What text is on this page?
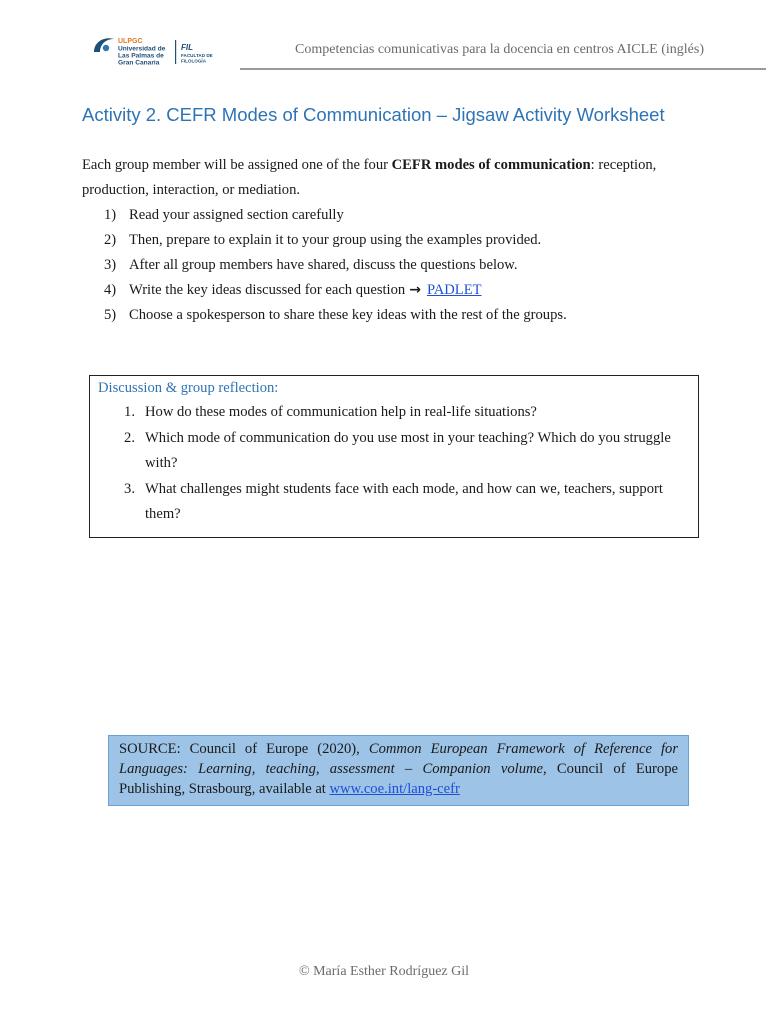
ULPGC
Universidad de
Las Palmas de
Gran Canaria
FIL
FACULTAD DE
FILOLOGÍA
Competencias comunicativas para la docencia en centros AICLE (inglés)
Activity 2. CEFR Modes of Communication – Jigsaw Activity Worksheet
Each group member will be assigned one of the four CEFR modes of communication: reception, production, interaction, or mediation.
1) Read your assigned section carefully
2) Then, prepare to explain it to your group using the examples provided.
3) After all group members have shared, discuss the questions below.
4) Write the key ideas discussed for each question → PADLET
5) Choose a spokesperson to share these key ideas with the rest of the groups.
Discussion & group reflection:
1. How do these modes of communication help in real-life situations?
2. Which mode of communication do you use most in your teaching? Which do you struggle with?
3. What challenges might students face with each mode, and how can we, teachers, support them?
SOURCE: Council of Europe (2020), Common European Framework of Reference for Languages: Learning, teaching, assessment – Companion volume, Council of Europe Publishing, Strasbourg, available at www.coe.int/lang-cefr
© María Esther Rodríguez Gil
